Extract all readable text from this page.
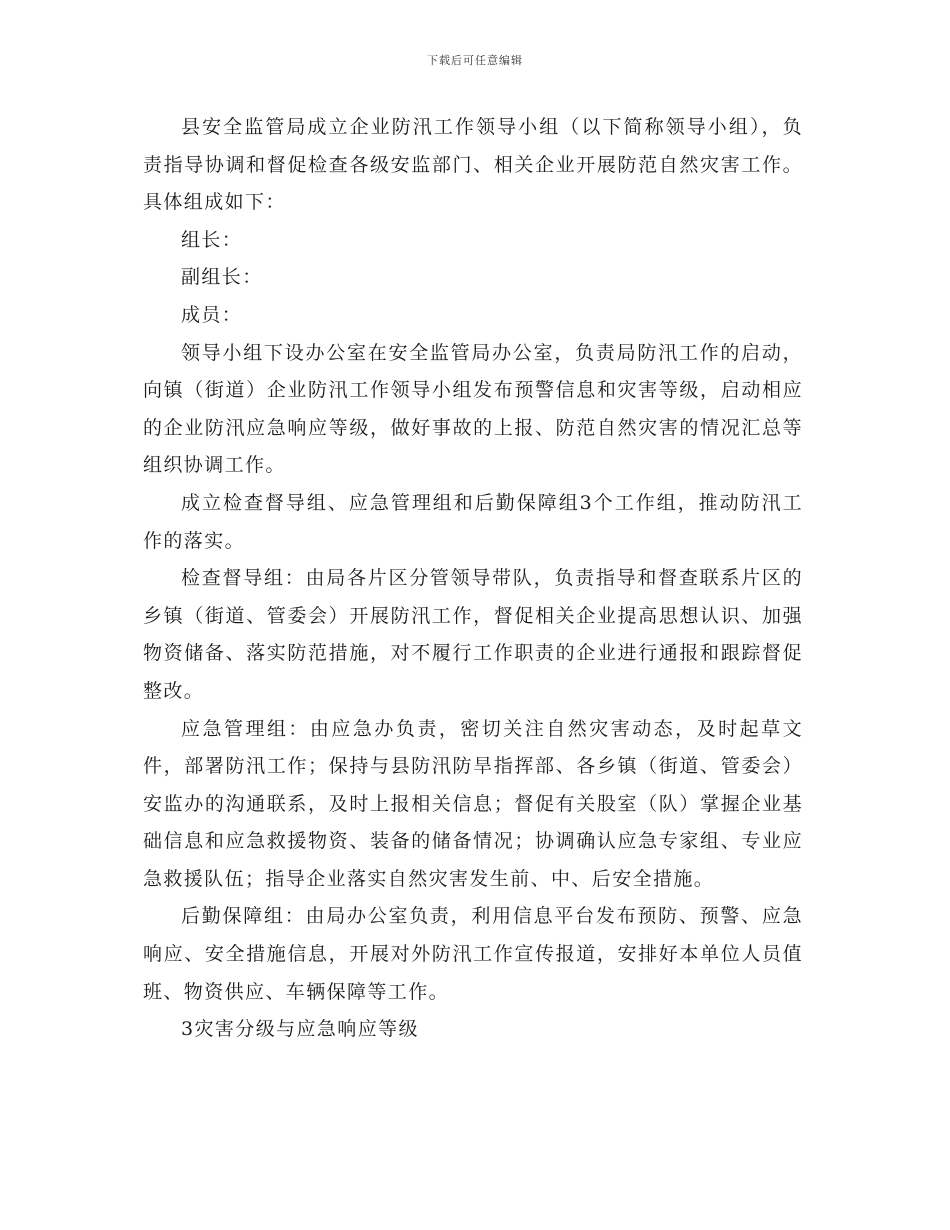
下载后可任意编辑

县安全监管局成立企业防汛工作领导小组（以下简称领导小组），负责指导协调和督促检查各级安监部门、相关企业开展防范自然灾害工作。具体组成如下：

组长：

副组长：

成员：

领导小组下设办公室在安全监管局办公室，负责局防汛工作的启动，向镇（街道）企业防汛工作领导小组发布预警信息和灾害等级，启动相应的企业防汛应急响应等级，做好事故的上报、防范自然灾害的情况汇总等组织协调工作。

成立检查督导组、应急管理组和后勤保障组3个工作组，推动防汛工作的落实。

检查督导组：由局各片区分管领导带队，负责指导和督查联系片区的乡镇（街道、管委会）开展防汛工作，督促相关企业提高思想认识、加强物资储备、落实防范措施，对不履行工作职责的企业进行通报和跟踪督促整改。

应急管理组：由应急办负责，密切关注自然灾害动态，及时起草文件，部署防汛工作；保持与县防汛防旱指挥部、各乡镇（街道、管委会）安监办的沟通联系，及时上报相关信息；督促有关股室（队）掌握企业基础信息和应急救援物资、装备的储备情况；协调确认应急专家组、专业应急救援队伍；指导企业落实自然灾害发生前、中、后安全措施。

后勤保障组：由局办公室负责，利用信息平台发布预防、预警、应急响应、安全措施信息，开展对外防汛工作宣传报道，安排好本单位人员值班、物资供应、车辆保障等工作。

3灾害分级与应急响应等级
